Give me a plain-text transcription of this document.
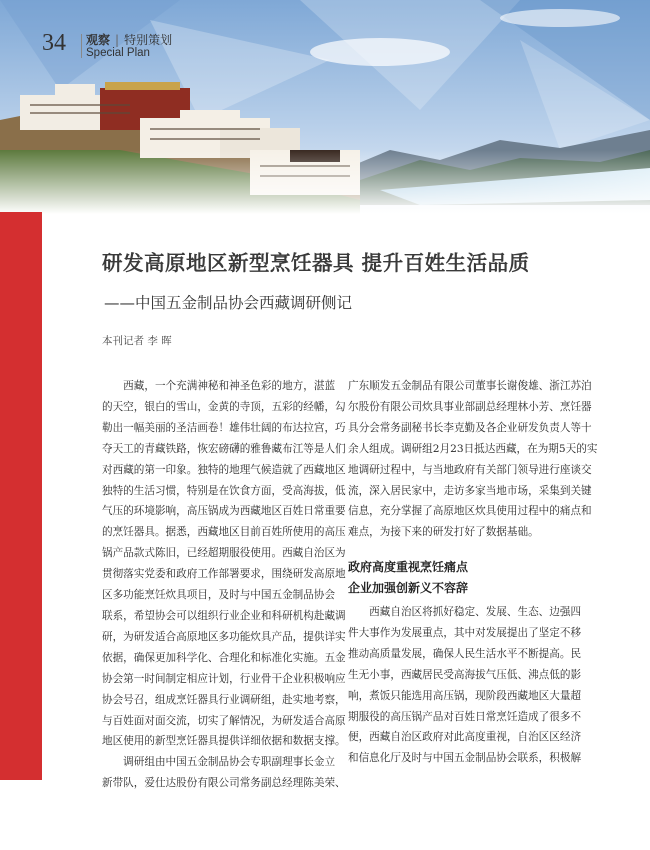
34 观察 | 特别策划
Special Plan
研发高原地区新型烹饪器具 提升百姓生活品质
——中国五金制品协会西藏调研侧记
本刊记者 李 晖

　　西藏，一个充满神秘和神圣色彩的地方，湛蓝

的天空，银白的雪山，金黄的寺顶，五彩的经幡，勾

勒出一幅美丽的圣洁画卷！雄伟壮阔的布达拉宫，巧

夺天工的青藏铁路，恢宏磅礴的雅鲁藏布江等是人们

对西藏的第一印象。独特的地理气候造就了西藏地区

独特的生活习惯，特别是在饮食方面，受高海拔，低

气压的环境影响，高压锅成为西藏地区百姓日常重要

的烹饪器具。据悉，西藏地区目前百姓所使用的高压

锅产品款式陈旧，已经超期服役使用。西藏自治区为

贯彻落实党委和政府工作部署要求，围绕研发高原地

区多功能烹饪炊具项目，及时与中国五金制品协会

联系，希望协会可以组织行业企业和科研机构赴藏调

研，为研发适合高原地区多功能炊具产品，提供详实

依据，确保更加科学化、合理化和标准化实施。五金

协会第一时间制定相应计划，行业骨干企业积极响应

协会号召，组成烹饪器具行业调研组，赴实地考察，

与百姓面对面交流，切实了解情况，为研发适合高原

地区使用的新型烹饪器具提供详细依据和数据支撑。

　　调研组由中国五金制品协会专职副理事长金立

新带队，爱仕达股份有限公司常务副总经理陈美荣、

广东顺发五金制品有限公司董事长谢俊雄、浙江苏泊

尔股份有限公司炊具事业部副总经理林小芳、烹饪器

具分会常务副秘书长李克勤及各企业研发负责人等十

余人组成。调研组2月23日抵达西藏，在为期5天的实

地调研过程中，与当地政府有关部门领导进行座谈交

流，深入居民家中，走访多家当地市场，采集到关键

信息，充分掌握了高原地区炊具使用过程中的痛点和

难点，为接下来的研发打好了数据基础。

政府高度重视烹饪痛点
企业加强创新义不容辞

　　西藏自治区将抓好稳定、发展、生态、边强四

件大事作为发展重点，其中对发展提出了坚定不移

推动高质量发展，确保人民生活水平不断提高。民

生无小事，西藏居民受高海拔气压低、沸点低的影

响，煮饭只能选用高压锅，现阶段西藏地区大量超

期服役的高压锅产品对百姓日常烹饪造成了很多不

便，西藏自治区政府对此高度重视，自治区区经济

和信息化厅及时与中国五金制品协会联系，积极解
